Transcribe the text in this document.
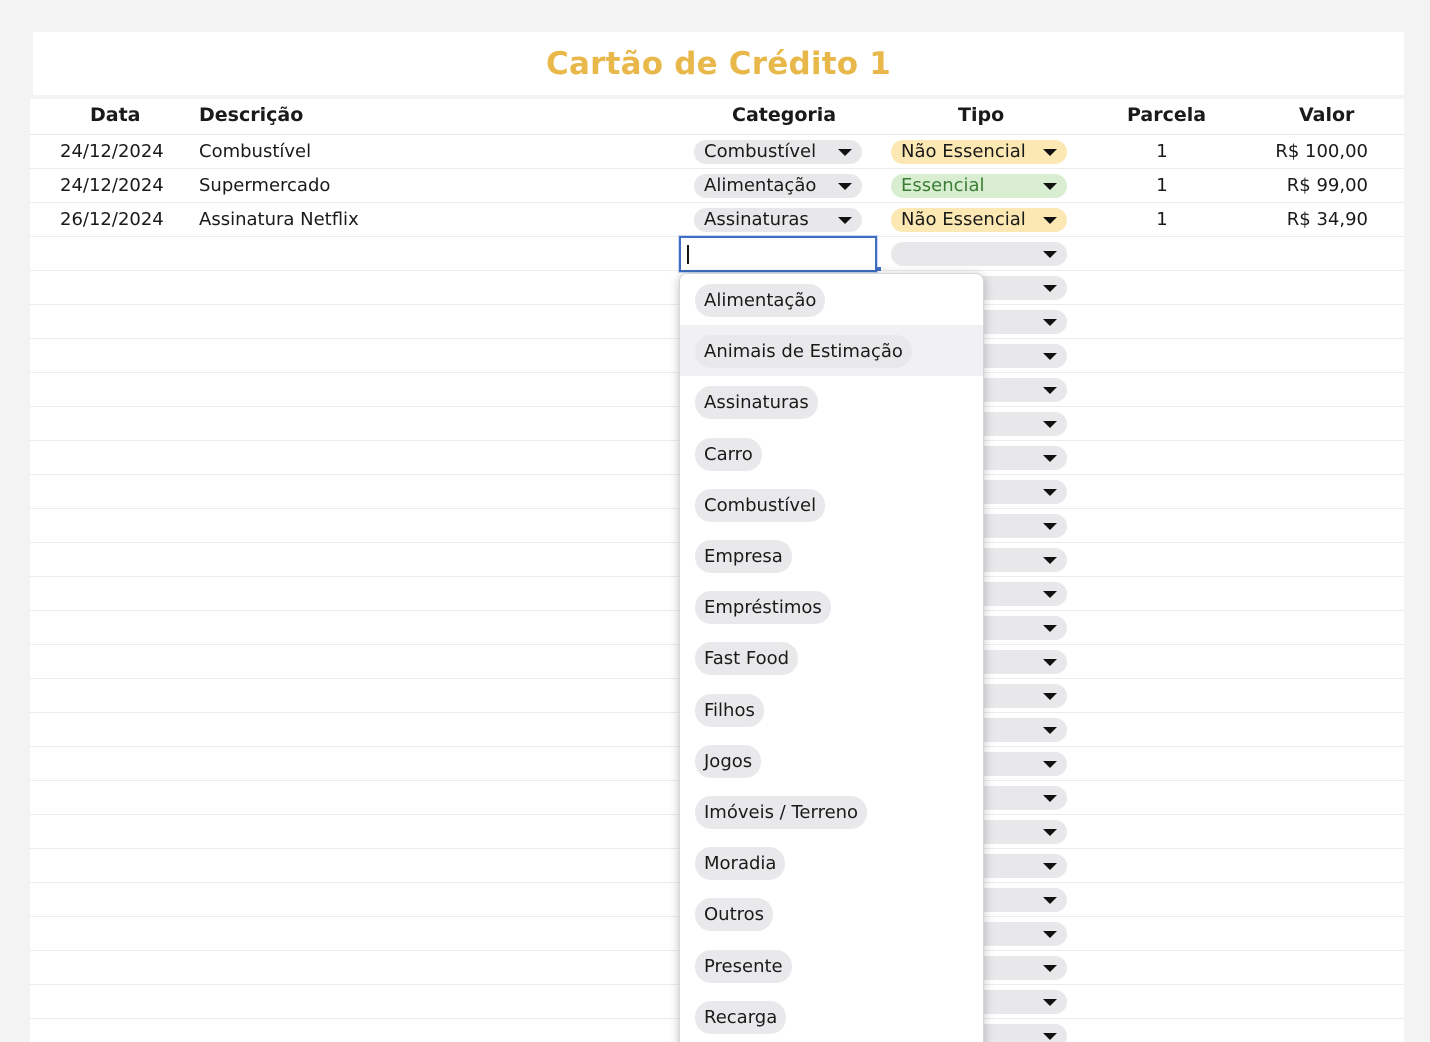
Cartão de Crédito 1
Data	Descrição	Categoria	Tipo	Parcela	Valor
24/12/2024 Combustível	Combustível	Não Essencial	1	R$ 100,00
24/12/2024 Supermercado	Alimentação	Essencial	1	R$ 99,00
26/12/2024 Assinatura Netflix	Assinaturas	Não Essencial	1	R$ 34,90
Alimentação
Animais de Estimação
Assinaturas
Carro
Combustível
Empresa
Empréstimos
Fast Food
Filhos
Jogos
Imóveis / Terreno
Moradia
Outros
Presente
Recarga
